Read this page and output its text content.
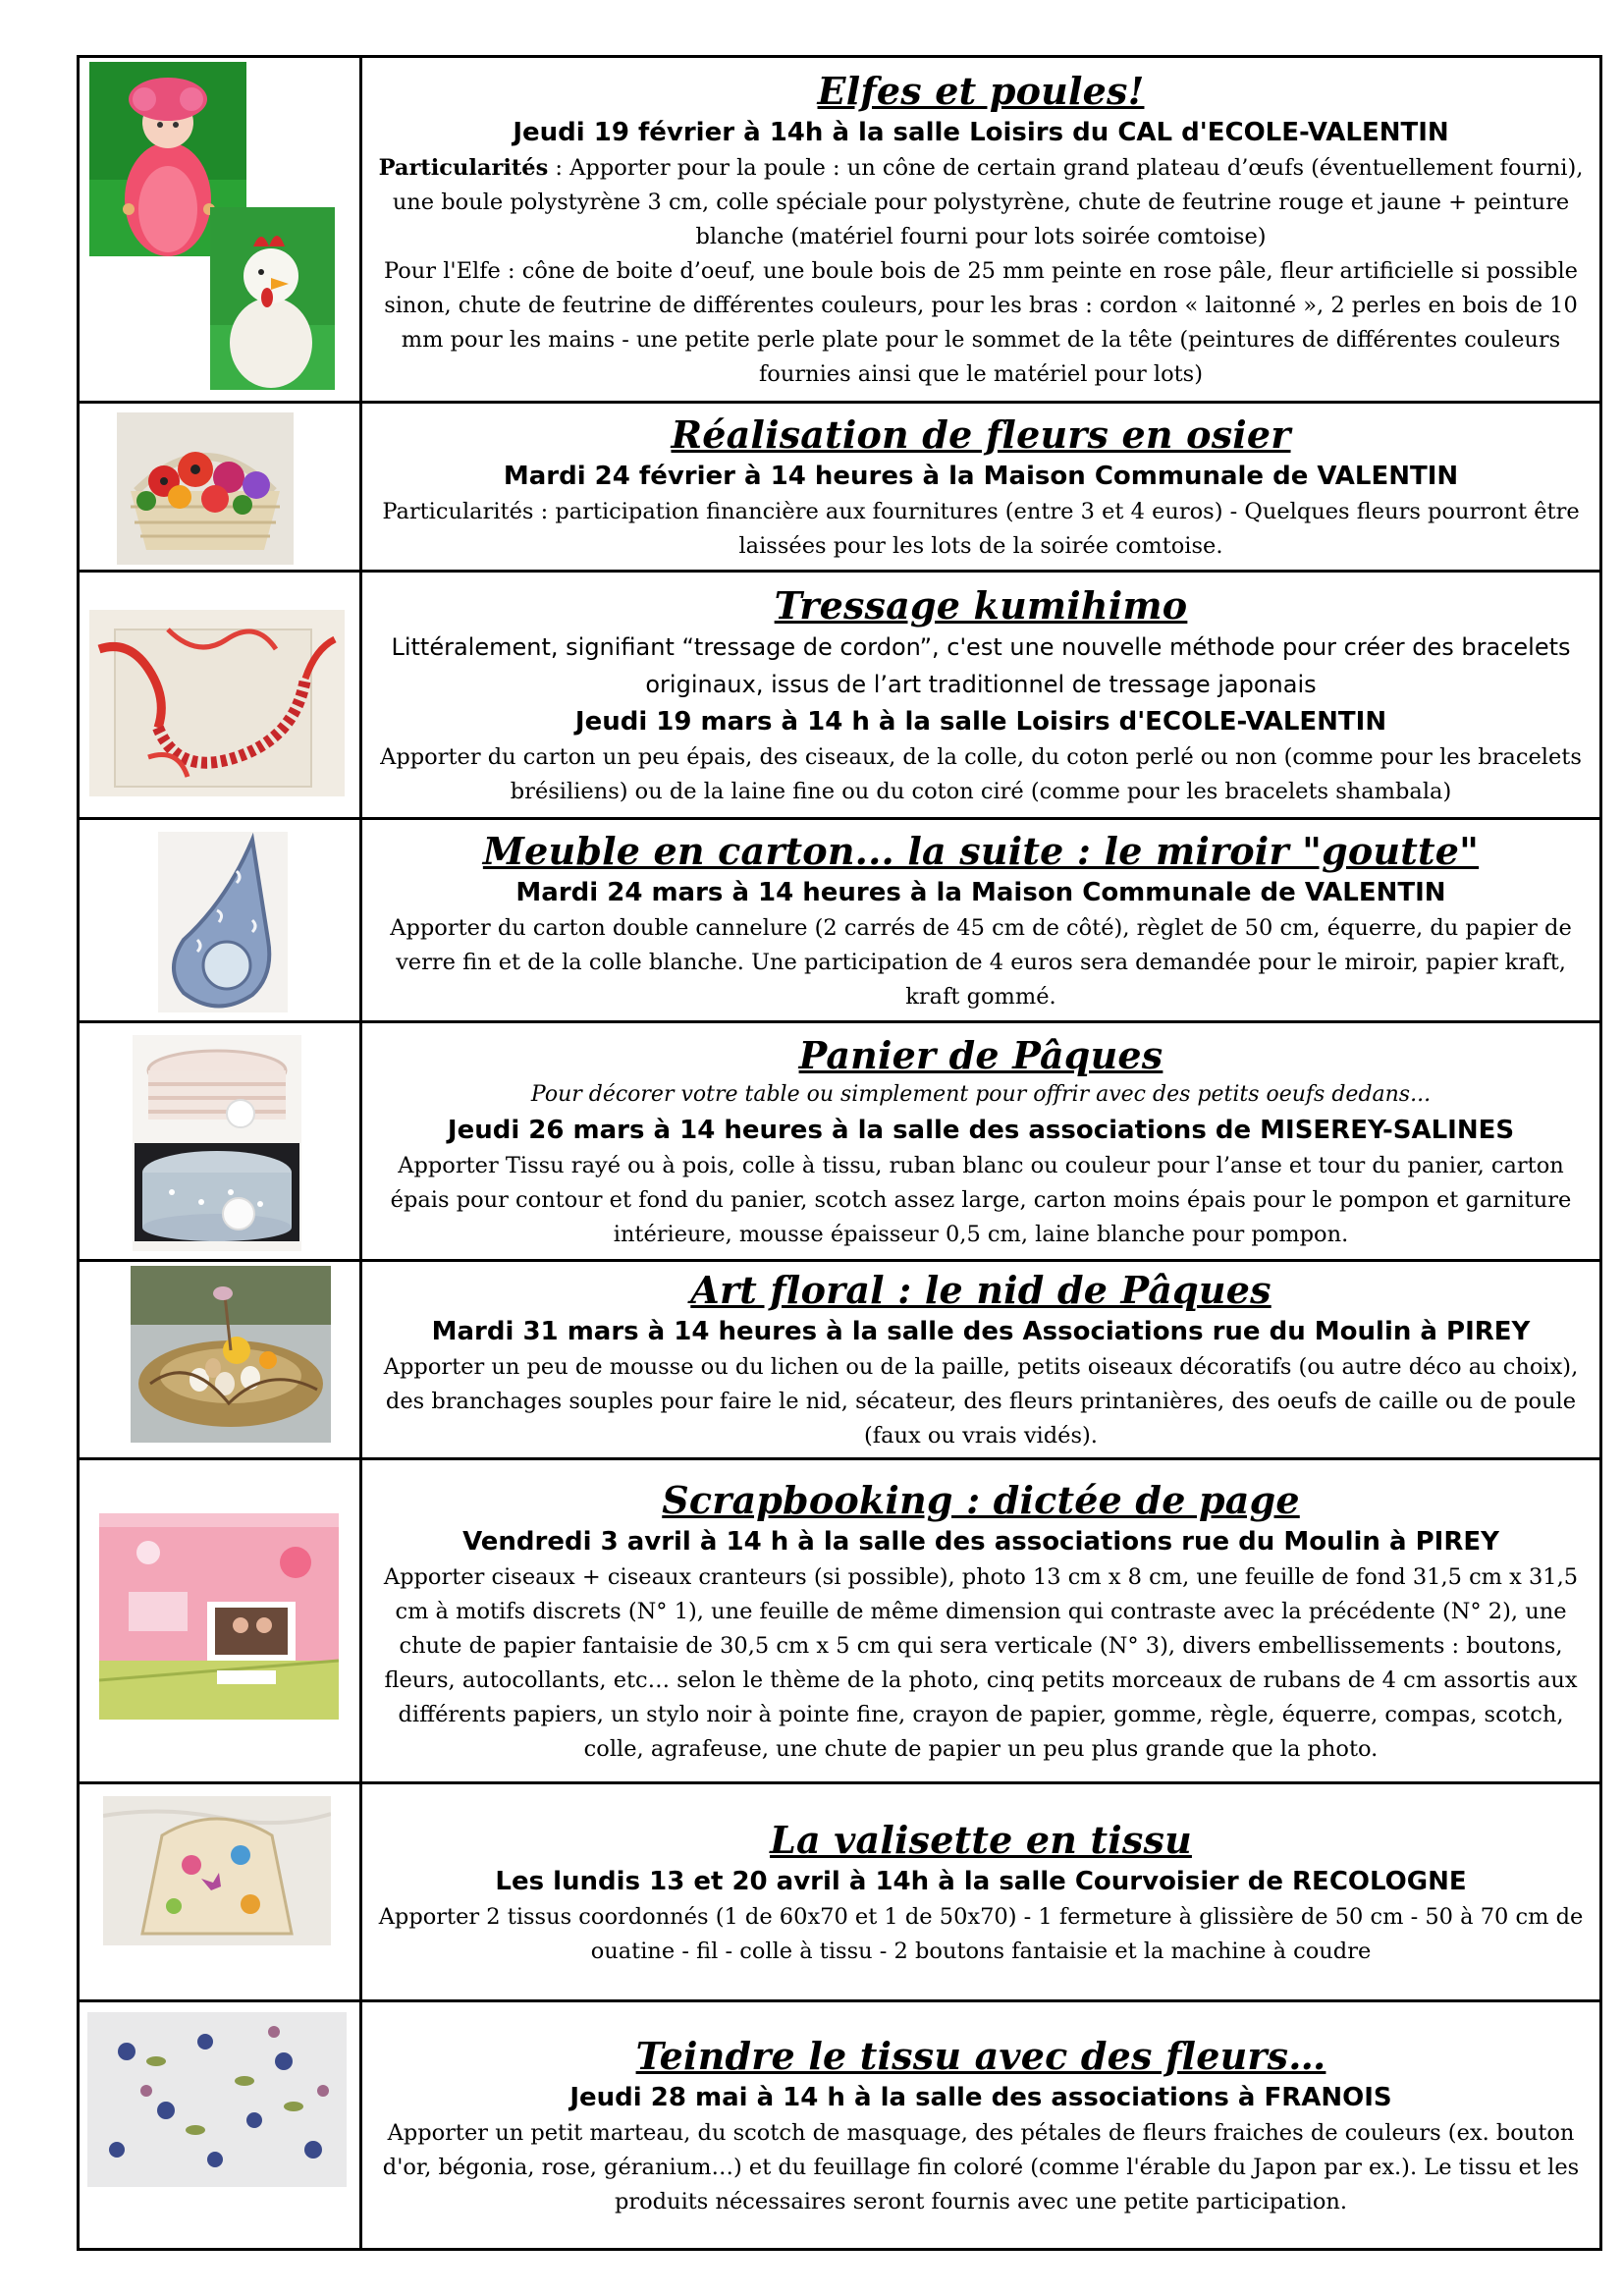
Elfes et poules!
Jeudi 19 février à 14h à la salle Loisirs du CAL d'ECOLE-VALENTIN
Particularités : Apporter pour la poule : un cône de certain grand plateau d’œufs (éventuellement fourni), une boule polystyrène 3 cm, colle spéciale pour polystyrène, chute de feutrine rouge et jaune + peinture blanche (matériel fourni pour lots soirée comtoise)
Pour l'Elfe : cône de boite d’oeuf, une boule bois de 25 mm peinte en rose pâle, fleur artificielle si possible sinon, chute de feutrine de différentes couleurs, pour les bras : cordon « laitonné », 2 perles en bois de 10 mm pour les mains - une petite perle plate pour le sommet de la tête (peintures de différentes couleurs fournies ainsi que le matériel pour lots)
Réalisation de fleurs en osier
Mardi 24 février à 14 heures à la Maison Communale de VALENTIN
Particularités : participation financière aux fournitures (entre 3 et 4 euros) - Quelques fleurs pourront être laissées pour les lots de la soirée comtoise.
Tressage kumihimo
Littéralement, signifiant “tressage de cordon”, c'est une nouvelle méthode pour créer des bracelets originaux, issus de l’art traditionnel de tressage japonais
Jeudi 19 mars à 14 h à la salle Loisirs d'ECOLE-VALENTIN
Apporter du carton un peu épais, des ciseaux, de la colle, du coton perlé ou non (comme pour les bracelets brésiliens) ou de la laine fine ou du coton ciré (comme pour les bracelets shambala)
Meuble en carton... la suite : le miroir "goutte"
Mardi 24 mars à 14 heures à la Maison Communale de VALENTIN
Apporter du carton double cannelure (2 carrés de 45 cm de côté), règlet de 50 cm, équerre, du papier de verre fin et de la colle blanche. Une participation de 4 euros sera demandée pour le miroir, papier kraft, kraft gommé.
Panier de Pâques
Pour décorer votre table ou simplement pour offrir avec des petits oeufs dedans...
Jeudi 26 mars à 14 heures à la salle des associations de MISEREY-SALINES
Apporter Tissu rayé ou à pois, colle à tissu, ruban blanc ou couleur pour l’anse et tour du panier, carton épais pour contour et fond du panier, scotch assez large, carton moins épais pour le pompon et garniture intérieure, mousse épaisseur 0,5 cm, laine blanche pour pompon.
Art floral : le nid de Pâques
Mardi 31 mars à 14 heures à la salle des Associations rue du Moulin à PIREY
Apporter un peu de mousse ou du lichen ou de la paille, petits oiseaux décoratifs (ou autre déco au choix), des branchages souples pour faire le nid, sécateur, des fleurs printanières, des oeufs de caille ou de poule (faux ou vrais vidés).
Scrapbooking : dictée de page
Vendredi 3 avril à 14 h à la salle des associations rue du Moulin à PIREY
Apporter ciseaux + ciseaux cranteurs (si possible), photo 13 cm x 8 cm, une feuille de fond 31,5 cm x 31,5 cm à motifs discrets (N° 1), une feuille de même dimension qui contraste avec la précédente (N° 2), une chute de papier fantaisie de 30,5 cm x 5 cm qui sera verticale (N° 3), divers embellissements : boutons, fleurs, autocollants, etc… selon le thème de la photo, cinq petits morceaux de rubans de 4 cm assortis aux différents papiers, un stylo noir à pointe fine, crayon de papier, gomme, règle, équerre, compas, scotch, colle, agrafeuse, une chute de papier un peu plus grande que la photo.
La valisette en tissu
Les lundis 13 et 20 avril à 14h à la salle Courvoisier de RECOLOGNE
Apporter 2 tissus coordonnés (1 de 60x70 et 1 de 50x70) - 1 fermeture à glissière de 50 cm - 50 à 70 cm de ouatine - fil - colle à tissu - 2 boutons fantaisie et la machine à coudre
Teindre le tissu avec des fleurs…
Jeudi 28 mai à 14 h à la salle des associations à FRANOIS
Apporter un petit marteau, du scotch de masquage, des pétales de fleurs fraiches de couleurs (ex. bouton d'or, bégonia, rose, géranium…) et du feuillage fin coloré (comme l'érable du Japon par ex.). Le tissu et les produits nécessaires seront fournis avec une petite participation.
